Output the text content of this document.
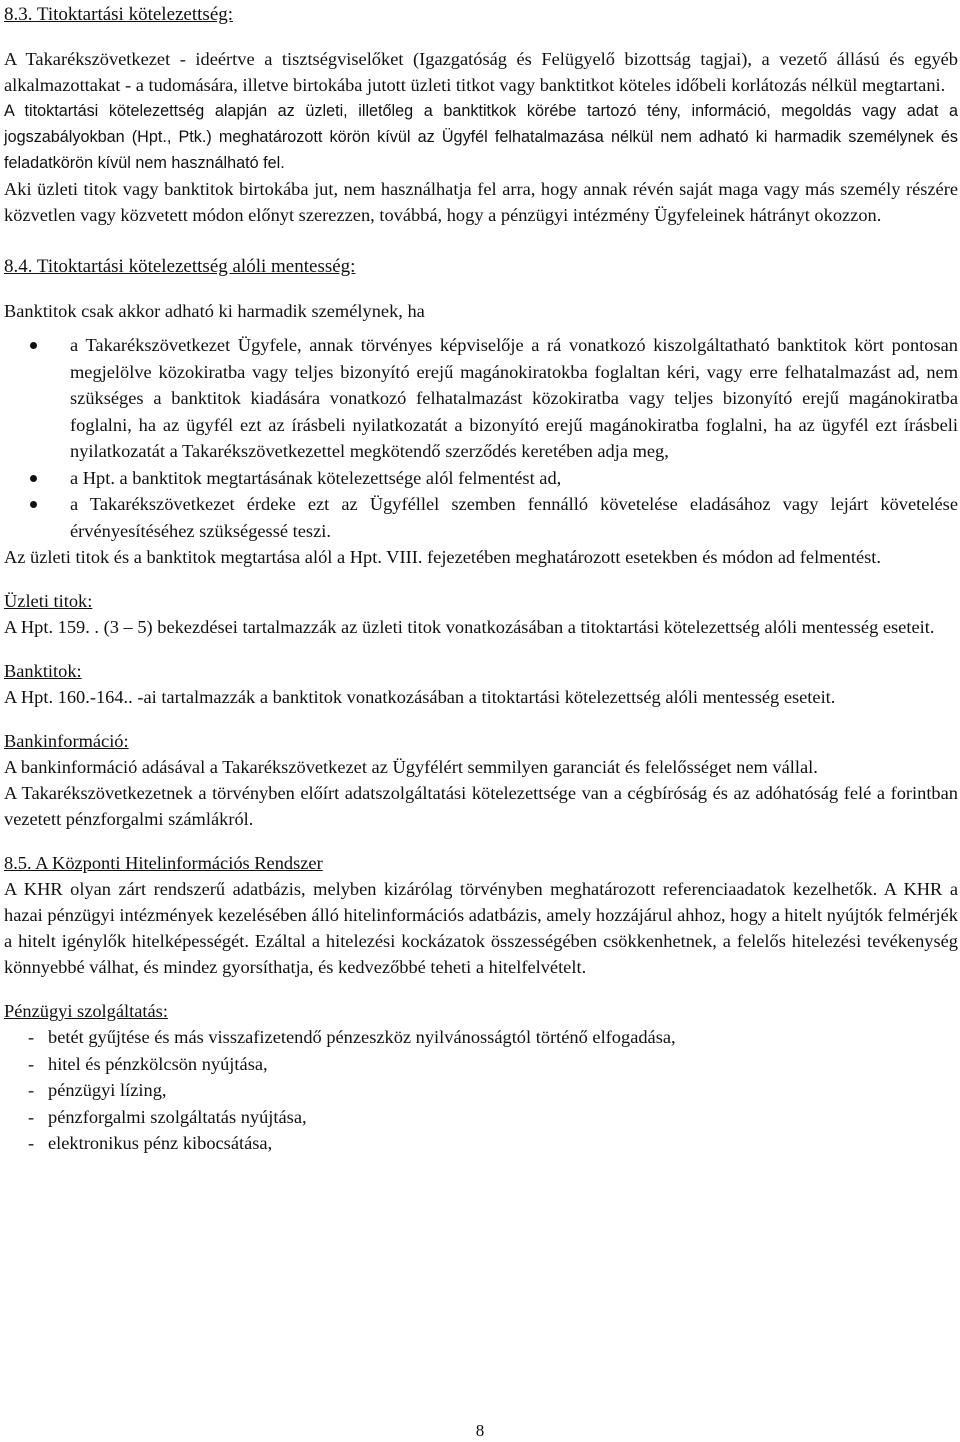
8.3. Titoktartási kötelezettség:

A Takarékszövetkezet - ideértve a tisztségviselőket (Igazgatóság és Felügyelő bizottság tagjai), a vezető állású és egyéb alkalmazottakat - a tudomására, illetve birtokába jutott üzleti titkot vagy banktitkot köteles időbeli korlátozás nélkül megtartani.

A titoktartási kötelezettség alapján az üzleti, illetőleg a banktitkok körébe tartozó tény, információ, megoldás vagy adat a jogszabályokban (Hpt., Ptk.) meghatározott körön kívül az Ügyfél felhatalmazása nélkül nem adható ki harmadik személynek és feladatkörön kívül nem használható fel.

Aki üzleti titok vagy banktitok birtokába jut, nem használhatja fel arra, hogy annak révén saját maga vagy más személy részére közvetlen vagy közvetett módon előnyt szerezzen, továbbá, hogy a pénzügyi intézmény Ügyfeleinek hátrányt okozzon.

8.4. Titoktartási kötelezettség alóli mentesség:

Banktitok csak akkor adható ki harmadik személynek, ha

a Takarékszövetkezet Ügyfele, annak törvényes képviselője a rá vonatkozó kiszolgáltatható banktitok kört pontosan megjelölve közokiratba vagy teljes bizonyító erejű magánokiratokba foglaltan kéri, vagy erre felhatalmazást ad, nem szükséges a banktitok kiadására vonatkozó felhatalmazást közokiratba vagy teljes bizonyító erejű magánokiratba foglalni, ha az ügyfél ezt az írásbeli nyilatkozatát a bizonyító erejű magánokiratba foglalni, ha az ügyfél ezt írásbeli nyilatkozatát a Takarékszövetkezettel megkötendő szerződés keretében adja meg,
a Hpt. a banktitok megtartásának kötelezettsége alól felmentést ad,
a Takarékszövetkezet érdeke ezt az Ügyféllel szemben fennálló követelése eladásához vagy lejárt követelése érvényesítéséhez szükségessé teszi.

Az üzleti titok és a banktitok megtartása alól a Hpt. VIII. fejezetében meghatározott esetekben és módon ad felmentést.

Üzleti titok:

A Hpt. 159. . (3 – 5) bekezdései tartalmazzák az üzleti titok vonatkozásában a titoktartási kötelezettség alóli mentesség eseteit.

Banktitok:

A Hpt. 160.-164.. -ai tartalmazzák a banktitok vonatkozásában a titoktartási kötelezettség alóli mentesség eseteit.

Bankinformáció:

A bankinformáció adásával a Takarékszövetkezet az Ügyfélért semmilyen garanciát és felelősséget nem vállal.

A Takarékszövetkezetnek a törvényben előírt adatszolgáltatási kötelezettsége van a cégbíróság és az adóhatóság felé a forintban vezetett pénzforgalmi számlákról.

8.5. A Központi Hitelinformációs Rendszer

A KHR olyan zárt rendszerű adatbázis, melyben kizárólag törvényben meghatározott referenciaadatok kezelhetők. A KHR a hazai pénzügyi intézmények kezelésében álló hitelinformációs adatbázis, amely hozzájárul ahhoz, hogy a hitelt nyújtók felmérjék a hitelt igénylők hitelképességét. Ezáltal a hitelezési kockázatok összességében csökkenhetnek, a felelős hitelezési tevékenység könnyebbé válhat, és mindez gyorsíthatja, és kedvezőbbé teheti a hitelfelvételt.

Pénzügyi szolgáltatás:

- betét gyűjtése és más visszafizetendő pénzeszköz nyilvánosságtól történő elfogadása,
- hitel és pénzkölcsön nyújtása,
- pénzügyi lízing,
- pénzforgalmi szolgáltatás nyújtása,
- elektronikus pénz kibocsátása,
8
